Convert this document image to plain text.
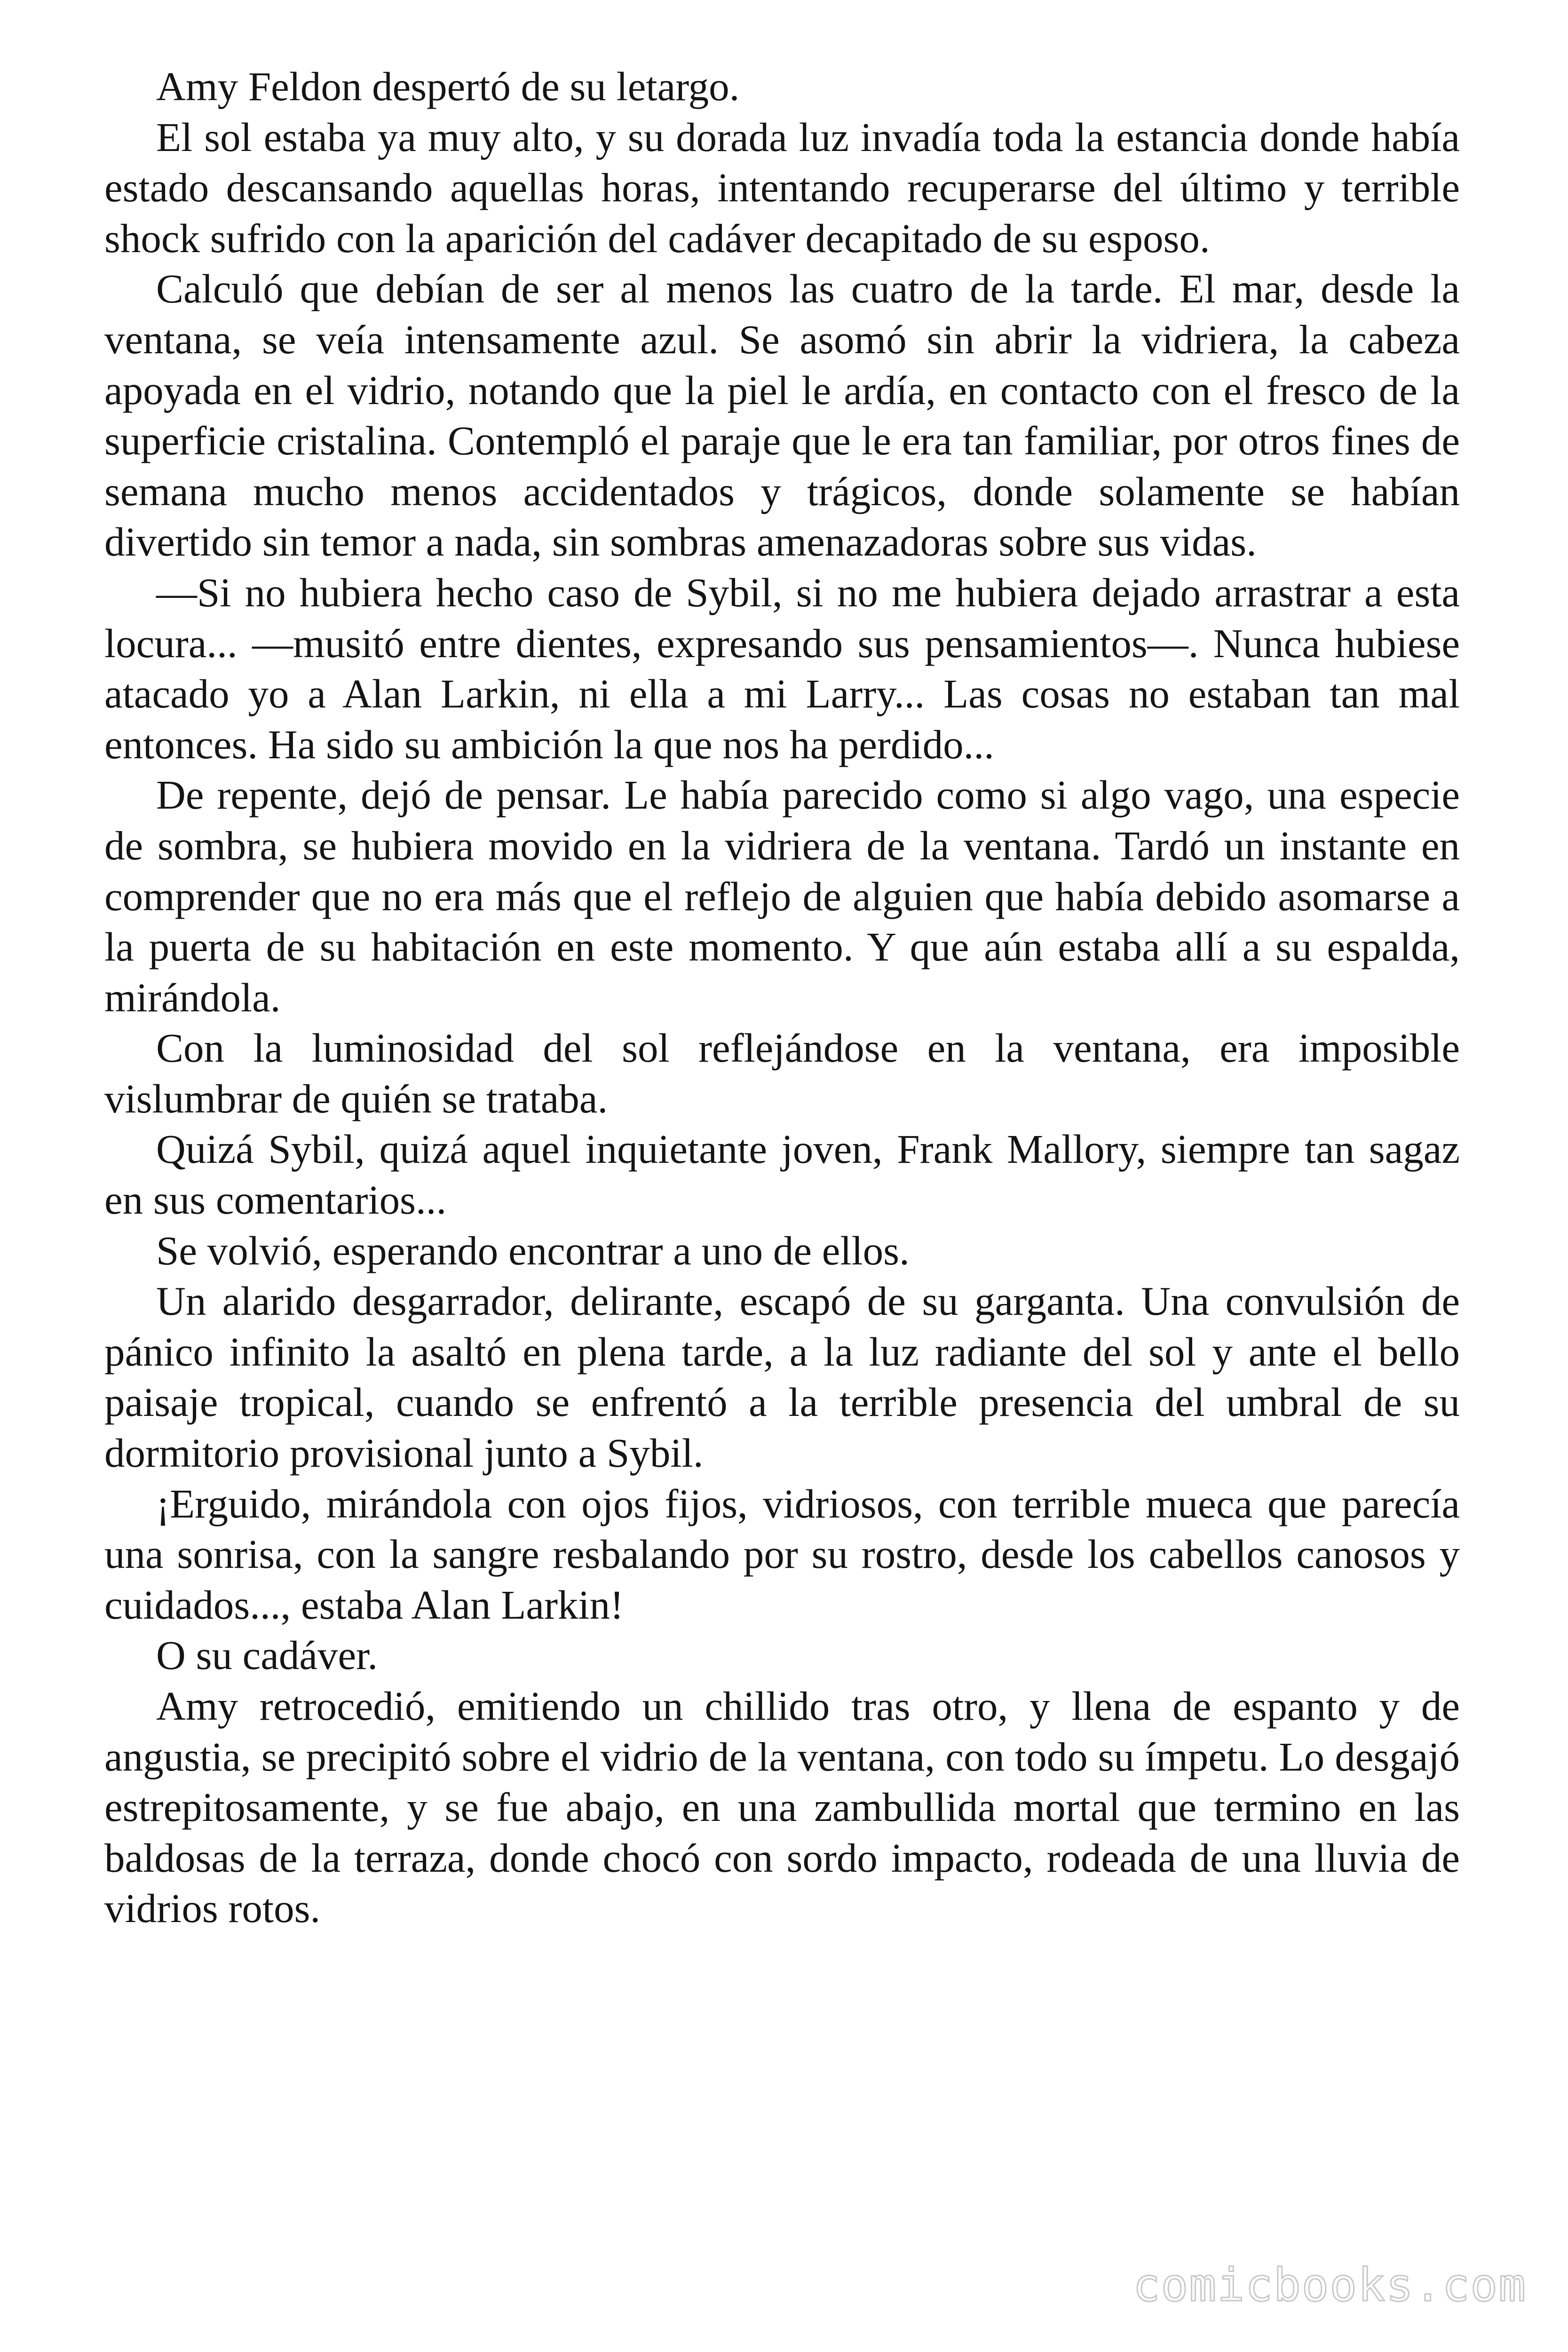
Amy Feldon despertó de su letargo.

El sol estaba ya muy alto, y su dorada luz invadía toda la estancia donde había estado descansando aquellas horas, intentando recuperarse del último y terrible shock sufrido con la aparición del cadáver decapitado de su esposo.

Calculó que debían de ser al menos las cuatro de la tarde. El mar, desde la ventana, se veía intensamente azul. Se asomó sin abrir la vidriera, la cabeza apoyada en el vidrio, notando que la piel le ardía, en contacto con el fresco de la superficie cristalina. Contempló el paraje que le era tan familiar, por otros fines de semana mucho menos accidentados y trágicos, donde solamente se habían divertido sin temor a nada, sin sombras amenazadoras sobre sus vidas.

—Si no hubiera hecho caso de Sybil, si no me hubiera dejado arrastrar a esta locura... —musitó entre dientes, expresando sus pensamientos—. Nunca hubiese atacado yo a Alan Larkin, ni ella a mi Larry... Las cosas no estaban tan mal entonces. Ha sido su ambición la que nos ha perdido...

De repente, dejó de pensar. Le había parecido como si algo vago, una especie de sombra, se hubiera movido en la vidriera de la ventana. Tardó un instante en comprender que no era más que el reflejo de alguien que había debido asomarse a la puerta de su habitación en este momento. Y que aún estaba allí a su espalda, mirándola.

Con la luminosidad del sol reflejándose en la ventana, era imposible vislumbrar de quién se trataba.

Quizá Sybil, quizá aquel inquietante joven, Frank Mallory, siempre tan sagaz en sus comentarios...

Se volvió, esperando encontrar a uno de ellos.

Un alarido desgarrador, delirante, escapó de su garganta. Una convulsión de pánico infinito la asaltó en plena tarde, a la luz radiante del sol y ante el bello paisaje tropical, cuando se enfrentó a la terrible presencia del umbral de su dormitorio provisional junto a Sybil.

¡Erguido, mirándola con ojos fijos, vidriosos, con terrible mueca que parecía una sonrisa, con la sangre resbalando por su rostro, desde los cabellos canosos y cuidados..., estaba Alan Larkin!

O su cadáver.

Amy retrocedió, emitiendo un chillido tras otro, y llena de espanto y de angustia, se precipitó sobre el vidrio de la ventana, con todo su ímpetu. Lo desgajó estrepitosamente, y se fue abajo, en una zambullida mortal que termino en las baldosas de la terraza, donde chocó con sordo impacto, rodeada de una lluvia de vidrios rotos.

comicbooks.com
